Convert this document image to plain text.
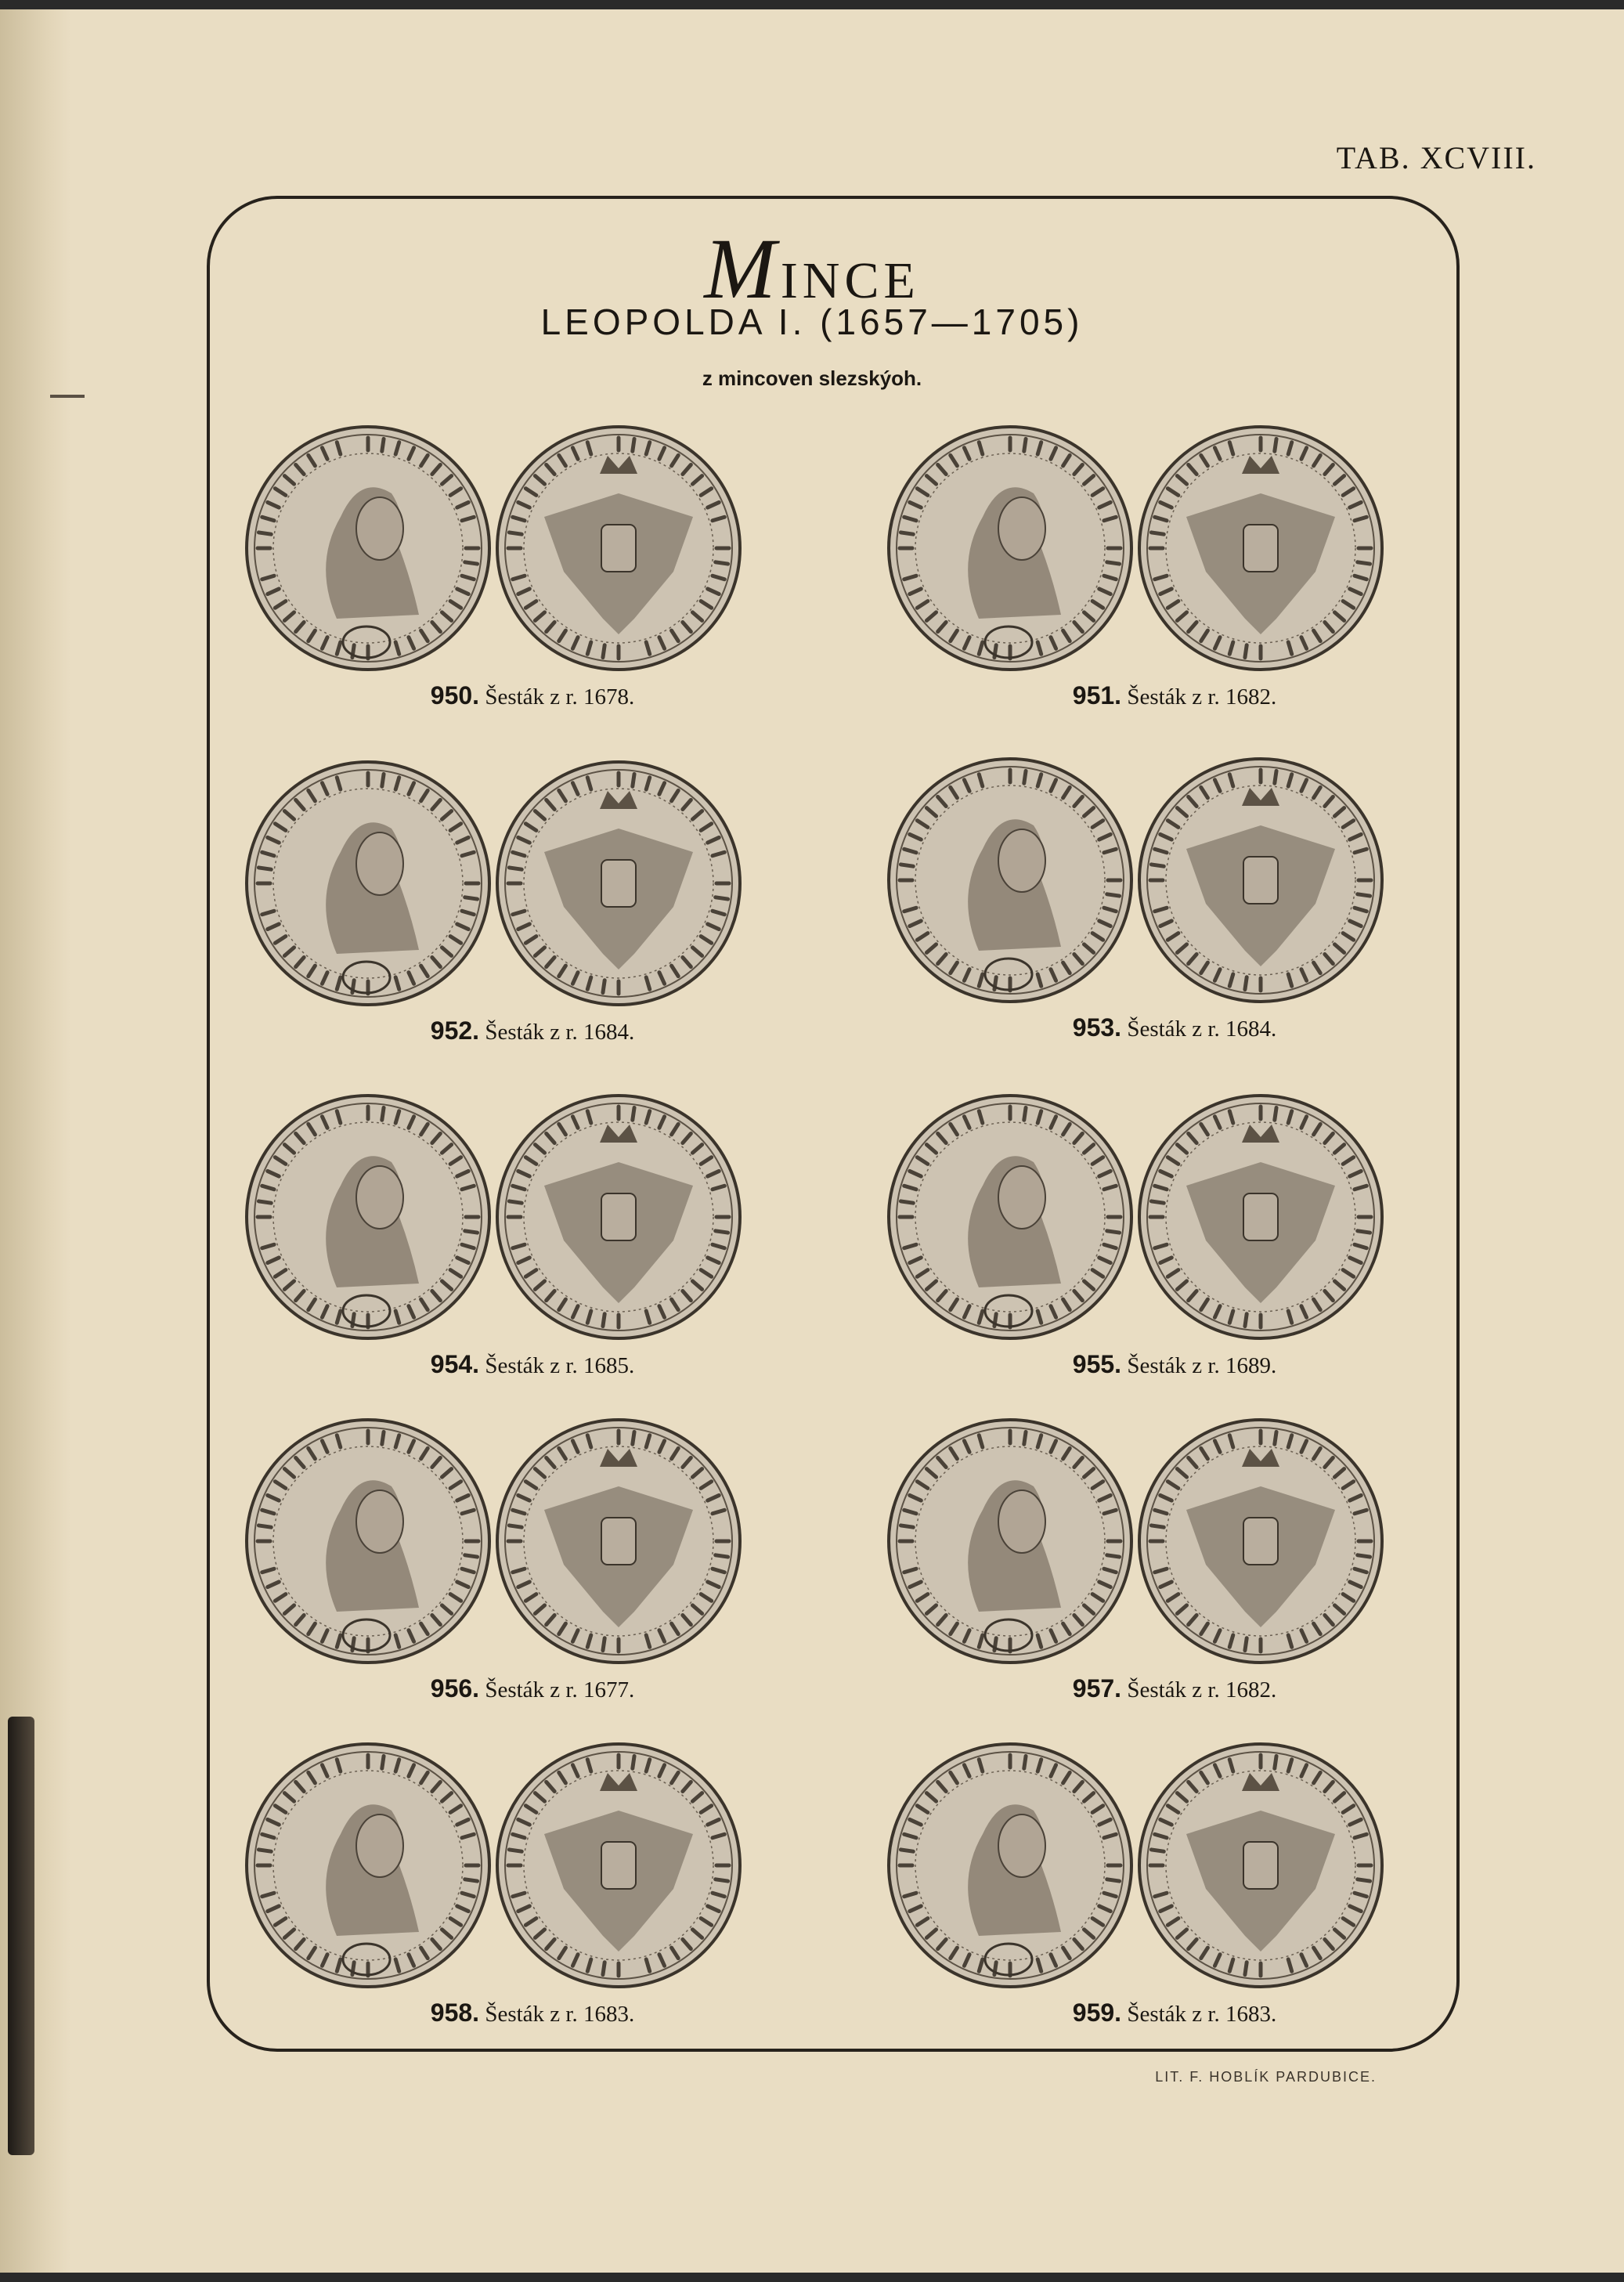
TAB. XCVIII.
MINCE
LEOPOLDA I. (1657—1705)
z mincoven slezskýoh.
950. Šesták z r. 1678.	951. Šesták z r. 1682.
952. Šesták z r. 1684.	953. Šesták z r. 1684.
954. Šesták z r. 1685.	955. Šesták z r. 1689.
956. Šesták z r. 1677.	957. Šesták z r. 1682.
958. Šesták z r. 1683.	959. Šesták z r. 1683.
LIT. F. HOBLÍK PARDUBICE.
